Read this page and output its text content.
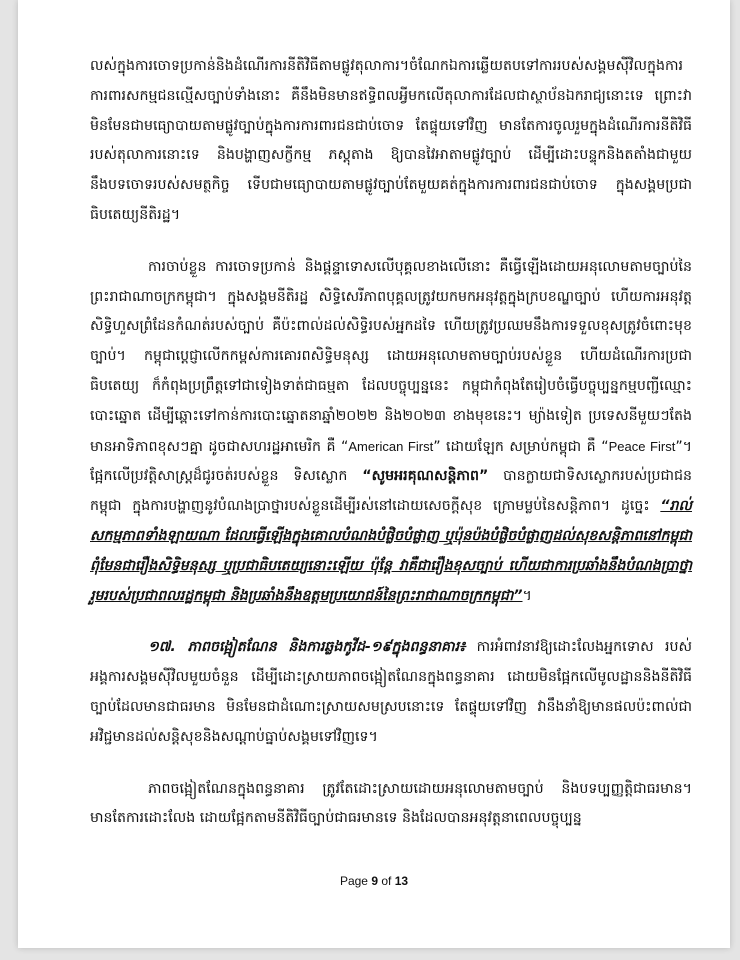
លស់ក្នុងការចោទប្រកាន់និងដំណើរការនីតិវិធីតាមផ្លូវតុលាការ។ចំណែកឯការឆ្លើយតបទៅការរបស់សង្គមស៊ីវិលក្នុងការការពារសកម្មជនល្មើសច្បាប់ទាំងនោះ គឺនឹងមិនមានឥទ្ធិពលអ្វីមកលើតុលាការដែលជាស្ថាប័នឯករាជ្យនោះទេ ព្រោះវាមិនមែនជាមធ្យោបាយតាមផ្លូវច្បាប់ក្នុងការការពារជនជាប់ចោទ តែផ្ទុយទៅវិញ មានតែការចូលរួមក្នុងដំណើរការនីតិវិធីរបស់តុលាការនោះទេ និងបង្ហាញសក្ខីកម្ម ភស្តុតាង ឱ្យបានវៃអាតាមផ្លូវច្បាប់ ដើម្បីដោះបន្ទុកនិងតតាំងជាមួយនឹងបទចោទរបស់សមត្ថកិច្ច ទើបជាមធ្យោបាយតាមផ្លូវច្បាប់តែមួយគត់ក្នុងការការពារជនជាប់ចោទ ក្នុងសង្គមប្រជាធិបតេយ្យនីតិរដ្ឋ។

ការចាប់ខ្លួន ការចោទប្រកាន់ និងផ្តន្ទាទោសលើបុគ្គលខាងលើនោះ គឺធ្វើឡើងដោយអនុលោមតាមច្បាប់នៃព្រះរាជាណាចក្រកម្ពុជា។ ក្នុងសង្គមនីតិរដ្ឋ សិទ្ធិសេរីភាពបុគ្គលត្រូវយកមកអនុវត្តក្នុងក្របខណ្ឌច្បាប់ ហើយការអនុវត្តសិទ្ធិហួសព្រំដែនកំណត់របស់ច្បាប់ គឺប៉ះពាល់ដល់សិទ្ធិរបស់អ្នកដទៃ ហើយត្រូវប្រឈមនឹងការទទួលខុសត្រូវចំពោះមុខច្បាប់។ កម្ពុជាប្តេជ្ញាលើកកម្ពស់ការគោរពសិទ្ធិមនុស្ស ដោយអនុលោមតាមច្បាប់របស់ខ្លួន ហើយដំណើរការប្រជាធិបតេយ្យ ក៏កំពុងប្រព្រឹត្តទៅជាទៀងទាត់ជាធម្មតា ដែលបច្ចុប្បន្ននេះ កម្ពុជាកំពុងតែរៀបចំធ្វើបច្ចុប្បន្នកម្មបញ្ជីឈ្មោះបោះឆ្នោត ដើម្បីឆ្ពោះទៅកាន់ការបោះឆ្នោតនាឆ្នាំ២០២២ និង២០២៣ ខាងមុខនេះ។ ម្យ៉ាងទៀត ប្រទេសនីមួយៗតែងមានអាទិភាពខុសៗគ្នា ដូចជាសហរដ្ឋអាមេរិក គឺ “American First” ដោយឡែក សម្រាប់កម្ពុជា គឺ “Peace First”។ ផ្អែកលើប្រវត្តិសាស្ត្រដ៏ជូរចត់របស់ខ្លួន ទិសស្លោក “សូមអរគុណសន្តិភាព” បានក្លាយជាទិសស្លោករបស់ប្រជាជនកម្ពុជា ក្នុងការបង្ហាញនូវបំណងប្រាថ្នារបស់ខ្លួនដើម្បីរស់នៅដោយសេចក្តីសុខ ក្រោមម្លប់នៃសន្តិភាព។ ដូច្នេះ “រាល់សកម្មភាពទាំងឡាយណា ដែលធ្វើឡើងក្នុងគោលបំណងបំផ្លិចបំផ្លាញ ឬប៉ុនប៉ងបំផ្លិចបំផ្លាញដល់សុខសន្តិភាពនៅកម្ពុជា ពុំមែនជារឿងសិទ្ធិមនុស្ស ឬប្រជាធិបតេយ្យនោះឡើយ ប៉ុន្តែ វាគឺជារឿងខុសច្បាប់ ហើយជាការប្រឆាំងនឹងបំណងប្រាថ្នារួមរបស់ប្រជាពលរដ្ឋកម្ពុជា និងប្រឆាំងនឹងឧត្តមប្រយោជន៍នៃព្រះរាជាណាចក្រកម្ពុជា”។

១៧. ភាពចង្អៀតណែន និងការឆ្លងកូវីដ-១៩ក្នុងពន្ធនាគារ៖ ការអំពាវនាវឱ្យដោះលែងអ្នកទោស របស់អង្គការសង្គមស៊ីវិលមួយចំនួន ដើម្បីដោះស្រាយភាពចង្អៀតណែនក្នុងពន្ធនាគារ ដោយមិនផ្អែកលើមូលដ្ឋាននិងនីតិវិធីច្បាប់ដែលមានជាធរមាន មិនមែនជាដំណោះស្រាយសមស្របនោះទេ តែផ្ទុយទៅវិញ វានឹងនាំឱ្យមានផលប៉ះពាល់ជាអវិជ្ជមានដល់សន្តិសុខនិងសណ្តាប់ធ្នាប់សង្គមទៅវិញទេ។

ភាពចង្អៀតណែនក្នុងពន្ធនាគារ ត្រូវតែដោះស្រាយដោយអនុលោមតាមច្បាប់ និងបទប្បញ្ញត្តិជាធរមាន។ មានតែការដោះលែង ដោយផ្អែកតាមនីតិវិធីច្បាប់ជាធរមានទេ និងដែលបានអនុវត្តនាពេលបច្ចុប្បន្ន

Page 9 of 13
